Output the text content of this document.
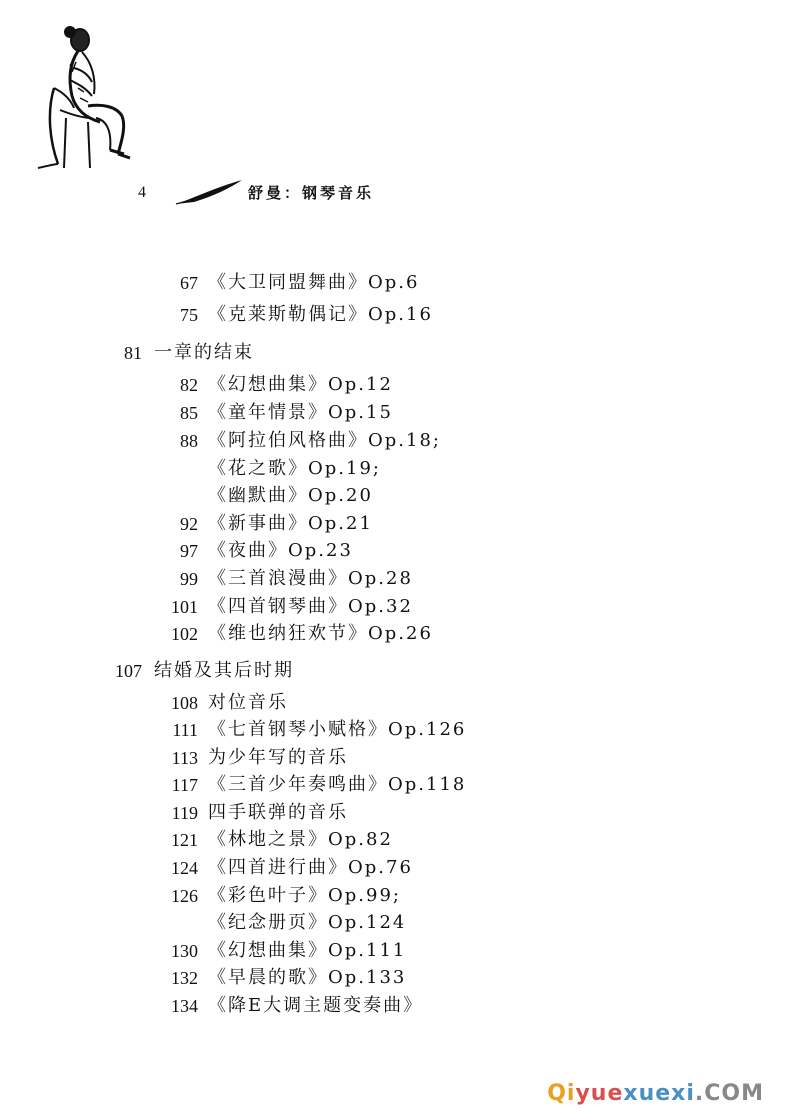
4	舒曼：钢琴音乐
67 《大卫同盟舞曲》Op.6
75 《克莱斯勒偶记》Op.16
81 一章的结束
82 《幻想曲集》Op.12
85 《童年情景》Op.15
88 《阿拉伯风格曲》Op.18;
《花之歌》Op.19;
《幽默曲》Op.20
92 《新事曲》Op.21
97 《夜曲》Op.23
99 《三首浪漫曲》Op.28
101 《四首钢琴曲》Op.32
102 《维也纳狂欢节》Op.26
107 结婚及其后时期
108 对位音乐
111 《七首钢琴小赋格》Op.126
113 为少年写的音乐
117 《三首少年奏鸣曲》Op.118
119 四手联弹的音乐
121 《林地之景》Op.82
124 《四首进行曲》Op.76
126 《彩色叶子》Op.99;
《纪念册页》Op.124
130 《幻想曲集》Op.111
132 《早晨的歌》Op.133
134 《降E大调主题变奏曲》
Qiyuexuexi.COM
